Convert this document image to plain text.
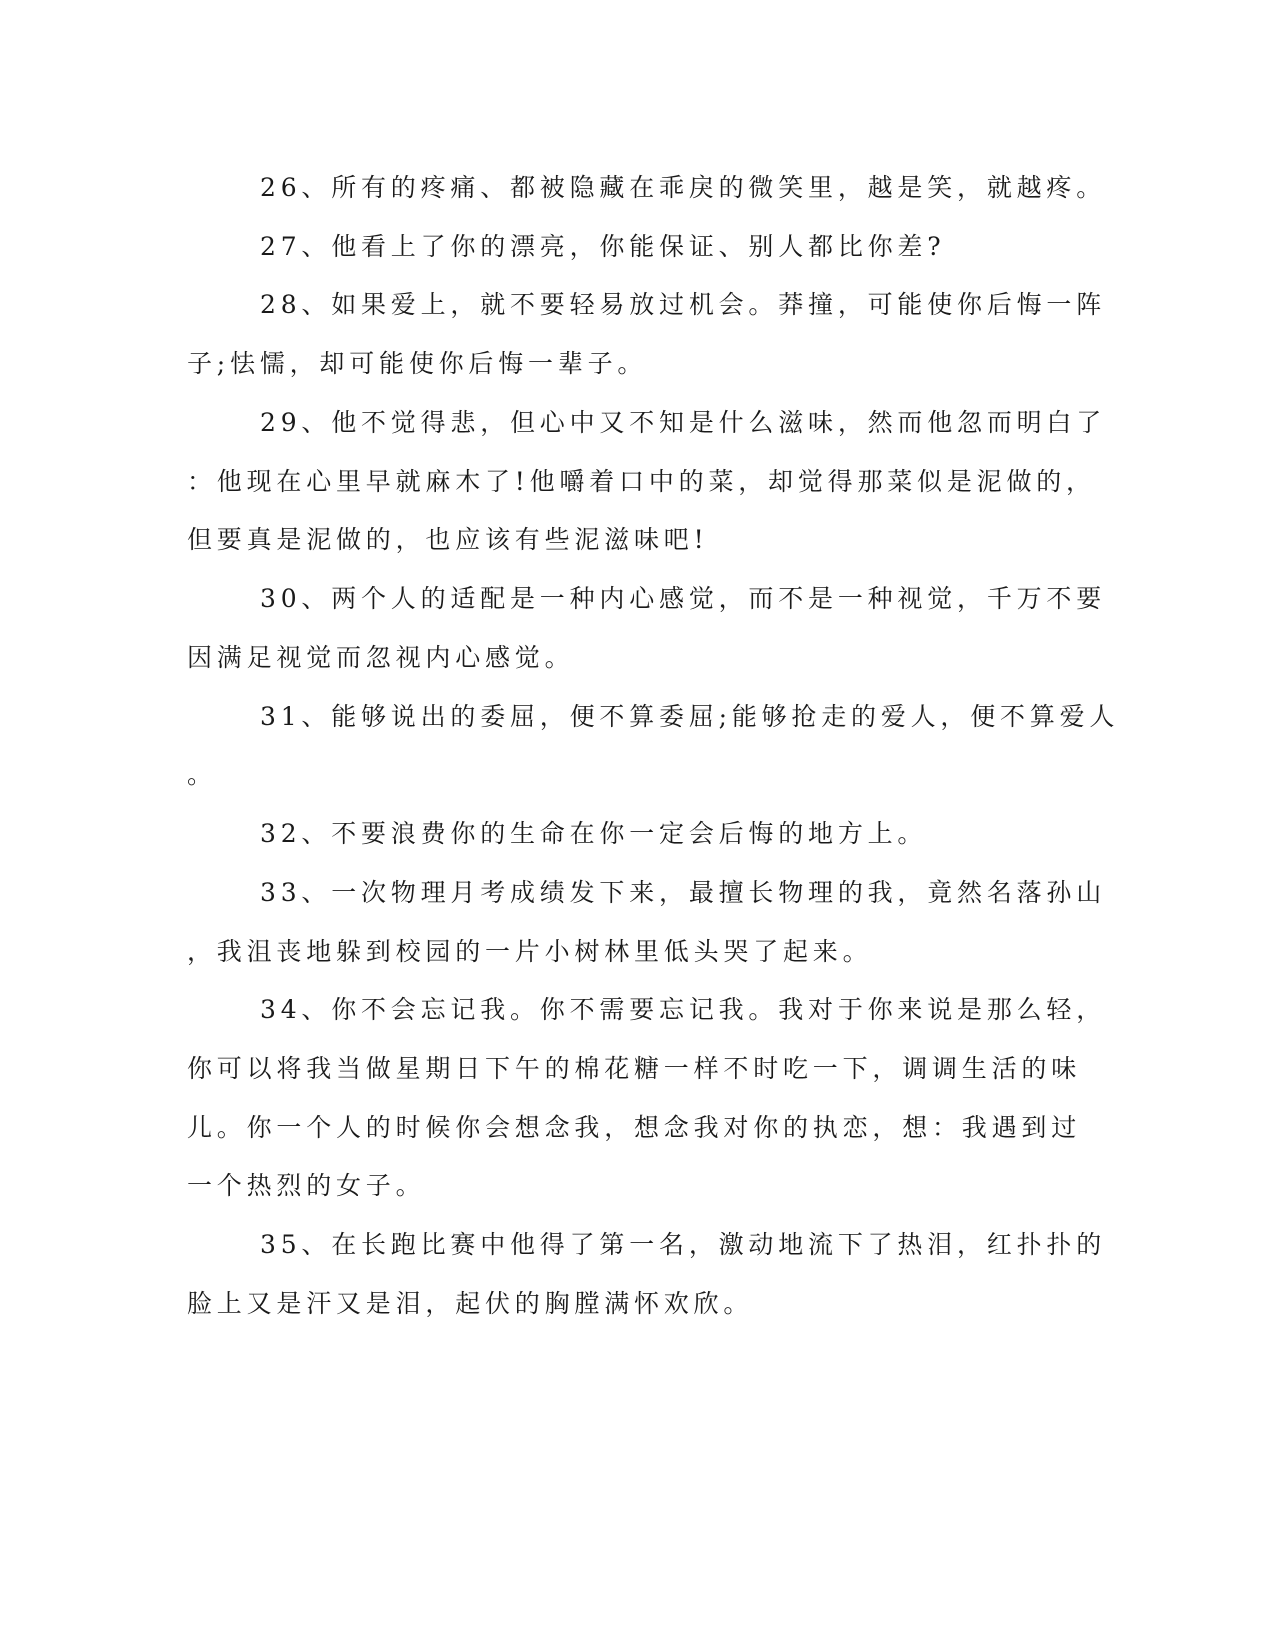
26、所有的疼痛、都被隐藏在乖戾的微笑里，越是笑，就越疼。
27、他看上了你的漂亮，你能保证、别人都比你差?
28、如果爱上，就不要轻易放过机会。莽撞，可能使你后悔一阵
子;怯懦，却可能使你后悔一辈子。
29、他不觉得悲，但心中又不知是什么滋味，然而他忽而明白了
：他现在心里早就麻木了!他嚼着口中的菜，却觉得那菜似是泥做的，
但要真是泥做的，也应该有些泥滋味吧!
30、两个人的适配是一种内心感觉，而不是一种视觉，千万不要
因满足视觉而忽视内心感觉。
31、能够说出的委屈，便不算委屈;能够抢走的爱人，便不算爱人
。
32、不要浪费你的生命在你一定会后悔的地方上。
33、一次物理月考成绩发下来，最擅长物理的我，竟然名落孙山
，我沮丧地躲到校园的一片小树林里低头哭了起来。
34、你不会忘记我。你不需要忘记我。我对于你来说是那么轻，
你可以将我当做星期日下午的棉花糖一样不时吃一下，调调生活的味
儿。你一个人的时候你会想念我，想念我对你的执恋，想：我遇到过
一个热烈的女子。
35、在长跑比赛中他得了第一名，激动地流下了热泪，红扑扑的
脸上又是汗又是泪，起伏的胸膛满怀欢欣。
